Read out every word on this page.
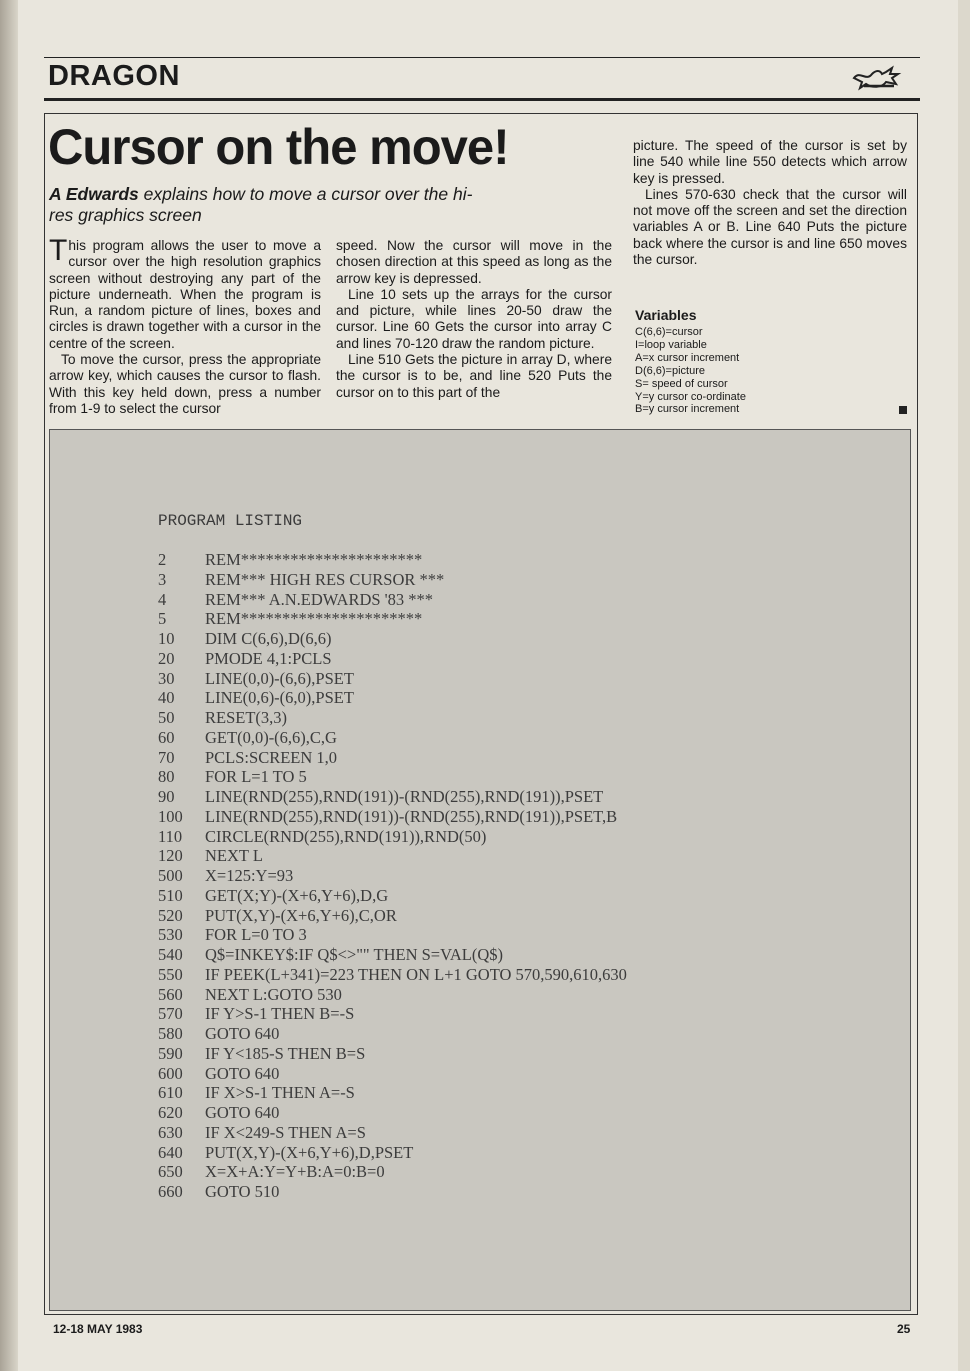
DRAGON
Cursor on the move!
A Edwards explains how to move a cursor over the hi-res graphics screen

This program allows the user to move a cursor over the high resolution graphics screen without destroying any part of the picture underneath. When the program is Run, a random picture of lines, boxes and circles is drawn together with a cursor in the centre of the screen.

To move the cursor, press the appropriate arrow key, which causes the cursor to flash. With this key held down, press a number from 1-9 to select the cursor

speed. Now the cursor will move in the chosen direction at this speed as long as the arrow key is depressed.

Line 10 sets up the arrays for the cursor and picture, while lines 20-50 draw the cursor. Line 60 Gets the cursor into array C and lines 70-120 draw the random picture.

Line 510 Gets the picture in array D, where the cursor is to be, and line 520 Puts the cursor on to this part of the

picture. The speed of the cursor is set by line 540 while line 550 detects which arrow key is pressed.

Lines 570-630 check that the cursor will not move off the screen and set the direction variables A or B. Line 640 Puts the picture back where the cursor is and line 650 moves the cursor.

Variables
C(6,6)=cursor
I=loop variable
A=x cursor increment
D(6,6)=picture
S= speed of cursor
Y=y cursor co-ordinate
B=y cursor increment
PROGRAM LISTING
2	REM**********************
3	REM*** HIGH RES CURSOR ***
4	REM*** A.N.EDWARDS '83 ***
5	REM**********************
10	DIM C(6,6),D(6,6)
20	PMODE 4,1:PCLS
30	LINE(0,0)-(6,6),PSET
40	LINE(0,6)-(6,0),PSET
50	RESET(3,3)
60	GET(0,0)-(6,6),C,G
70	PCLS:SCREEN 1,0
80	FOR L=1 TO 5
90	LINE(RND(255),RND(191))-(RND(255),RND(191)),PSET
100	LINE(RND(255),RND(191))-(RND(255),RND(191)),PSET,B
110	CIRCLE(RND(255),RND(191)),RND(50)
120	NEXT L
500	X=125:Y=93
510	GET(X;Y)-(X+6,Y+6),D,G
520	PUT(X,Y)-(X+6,Y+6),C,OR
530	FOR L=0 TO 3
540	Q$=INKEY$:IF Q$<>"" THEN S=VAL(Q$)
550	IF PEEK(L+341)=223 THEN ON L+1 GOTO 570,590,610,630
560	NEXT L:GOTO 530
570	IF Y>S-1 THEN B=-S
580	GOTO 640
590	IF Y<185-S THEN B=S
600	GOTO 640
610	IF X>S-1 THEN A=-S
620	GOTO 640
630	IF X<249-S THEN A=S
640	PUT(X,Y)-(X+6,Y+6),D,PSET
650	X=X+A:Y=Y+B:A=0:B=0
660	GOTO 510
12-18 MAY 1983	25
